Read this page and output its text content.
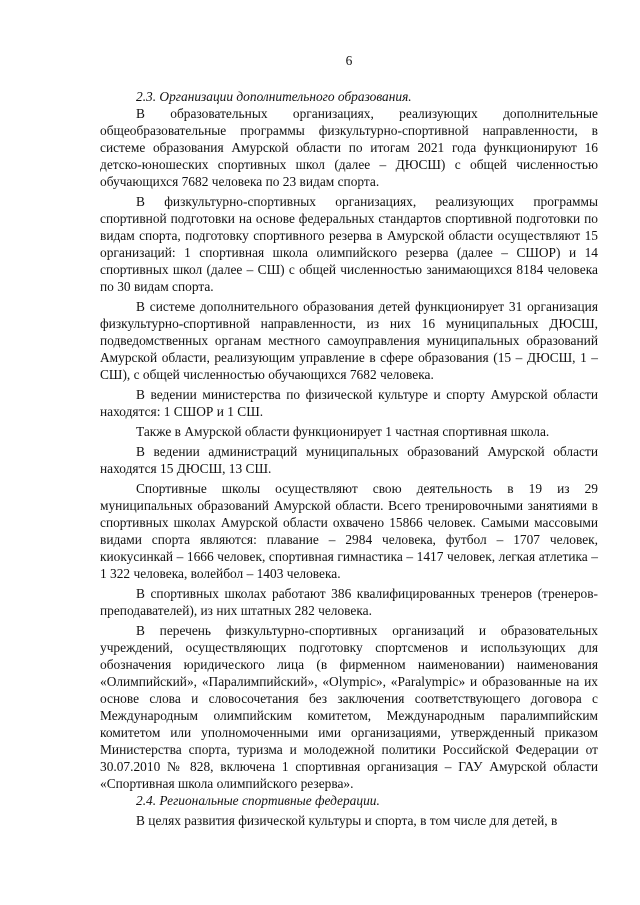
6
2.3. Организации дополнительного образования.

В образовательных организациях, реализующих дополнительные общеобразовательные программы физкультурно-спортивной направленности, в системе образования Амурской области по итогам 2021 года функционируют 16 детско-юношеских спортивных школ (далее – ДЮСШ) с общей численностью обучающихся 7682 человека по 23 видам спорта.

В физкультурно-спортивных организациях, реализующих программы спортивной подготовки на основе федеральных стандартов спортивной подготовки по видам спорта, подготовку спортивного резерва в Амурской области осуществляют 15 организаций: 1 спортивная школа олимпийского резерва (далее – СШОР) и 14 спортивных школ (далее – СШ) с общей численностью занимающихся 8184 человека по 30 видам спорта.

В системе дополнительного образования детей функционирует 31 организация физкультурно-спортивной направленности, из них 16 муниципальных ДЮСШ, подведомственных органам местного самоуправления муниципальных образований Амурской области, реализующим управление в сфере образования (15 – ДЮСШ, 1 – СШ), с общей численностью обучающихся 7682 человека.

В ведении министерства по физической культуре и спорту Амурской области находятся: 1 СШОР и 1 СШ.

Также в Амурской области функционирует 1 частная спортивная школа.

В ведении администраций муниципальных образований Амурской области находятся 15 ДЮСШ, 13 СШ.

Спортивные школы осуществляют свою деятельность в 19 из 29 муниципальных образований Амурской области. Всего тренировочными занятиями в спортивных школах Амурской области охвачено 15866 человек. Самыми массовыми видами спорта являются: плавание – 2984 человека, футбол – 1707 человек, киокусинкай – 1666 человек, спортивная гимнастика – 1417 человек, легкая атлетика – 1 322 человека, волейбол – 1403 человека.

В спортивных школах работают 386 квалифицированных тренеров (тренеров-преподавателей), из них штатных 282 человека.

В перечень физкультурно-спортивных организаций и образовательных учреждений, осуществляющих подготовку спортсменов и использующих для обозначения юридического лица (в фирменном наименовании) наименования «Олимпийский», «Паралимпийский», «Olympic», «Paralympic» и образованные на их основе слова и словосочетания без заключения соответствующего договора с Международным олимпийским комитетом, Международным паралимпийским комитетом или уполномоченными ими организациями, утвержденный приказом Министерства спорта, туризма и молодежной политики Российской Федерации от 30.07.2010 № 828, включена 1 спортивная организация – ГАУ Амурской области «Спортивная школа олимпийского резерва».

2.4. Региональные спортивные федерации.

В целях развития физической культуры и спорта, в том числе для детей, в
